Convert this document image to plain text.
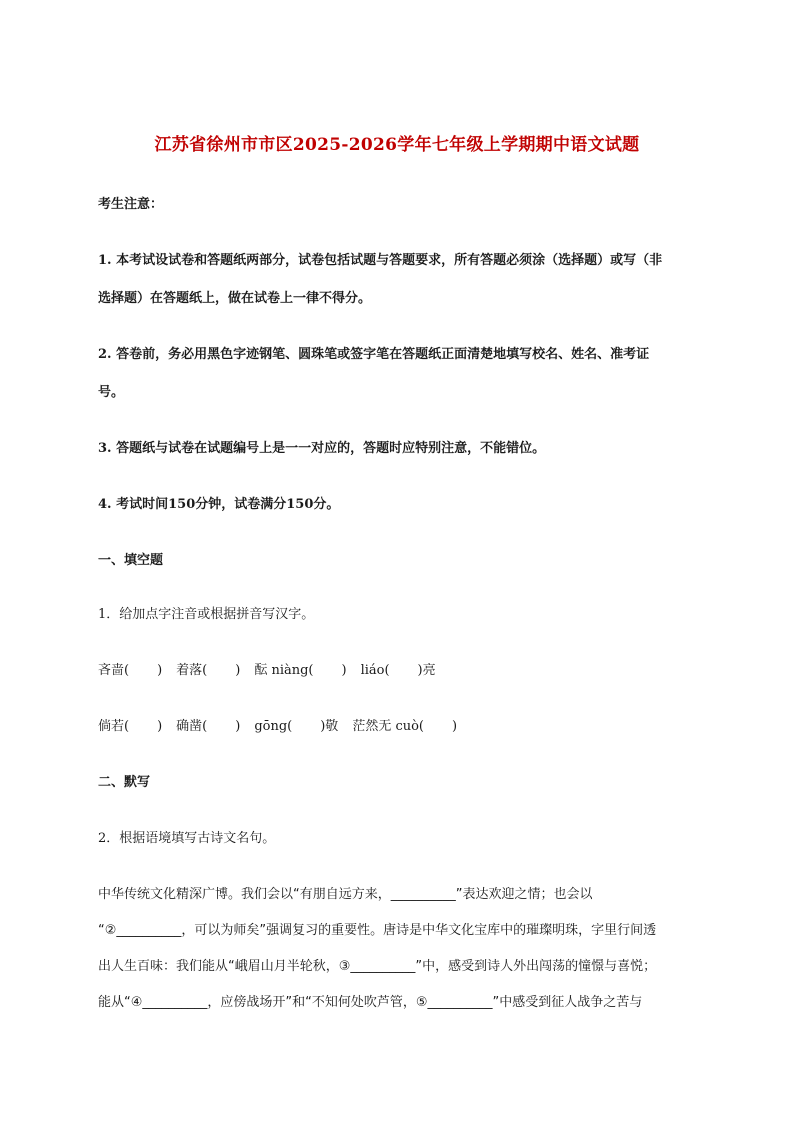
江苏省徐州市市区2025-2026学年七年级上学期期中语文试题
考生注意：
1. 本考试设试卷和答题纸两部分，试卷包括试题与答题要求，所有答题必须涂（选择题）或写（非
选择题）在答题纸上，做在试卷上一律不得分。
2. 答卷前，务必用黑色字迹钢笔、圆珠笔或签字笔在答题纸正面清楚地填写校名、姓名、准考证
号。
3. 答题纸与试卷在试题编号上是一一对应的，答题时应特别注意，不能错位。
4. 考试时间150分钟，试卷满分150分。
一、填空题
1．给加点字注音或根据拼音写汉字。
吝啬( ) 着落( ) 酝 niàng( ) liáo( )亮
倘若( ) 确凿( ) gōng( )敬 茫然无 cuò( )
二、默写
2．根据语境填写古诗文名句。
中华传统文化精深广博。我们会以“有朋自远方来，__________”表达欢迎之情；也会以
“②__________，可以为师矣”强调复习的重要性。唐诗是中华文化宝库中的璀璨明珠，字里行间透
出人生百味：我们能从“峨眉山月半轮秋，③__________”中，感受到诗人外出闯荡的憧憬与喜悦；
能从“④__________，应傍战场开”和“不知何处吹芦管，⑤__________”中感受到征人战争之苦与
